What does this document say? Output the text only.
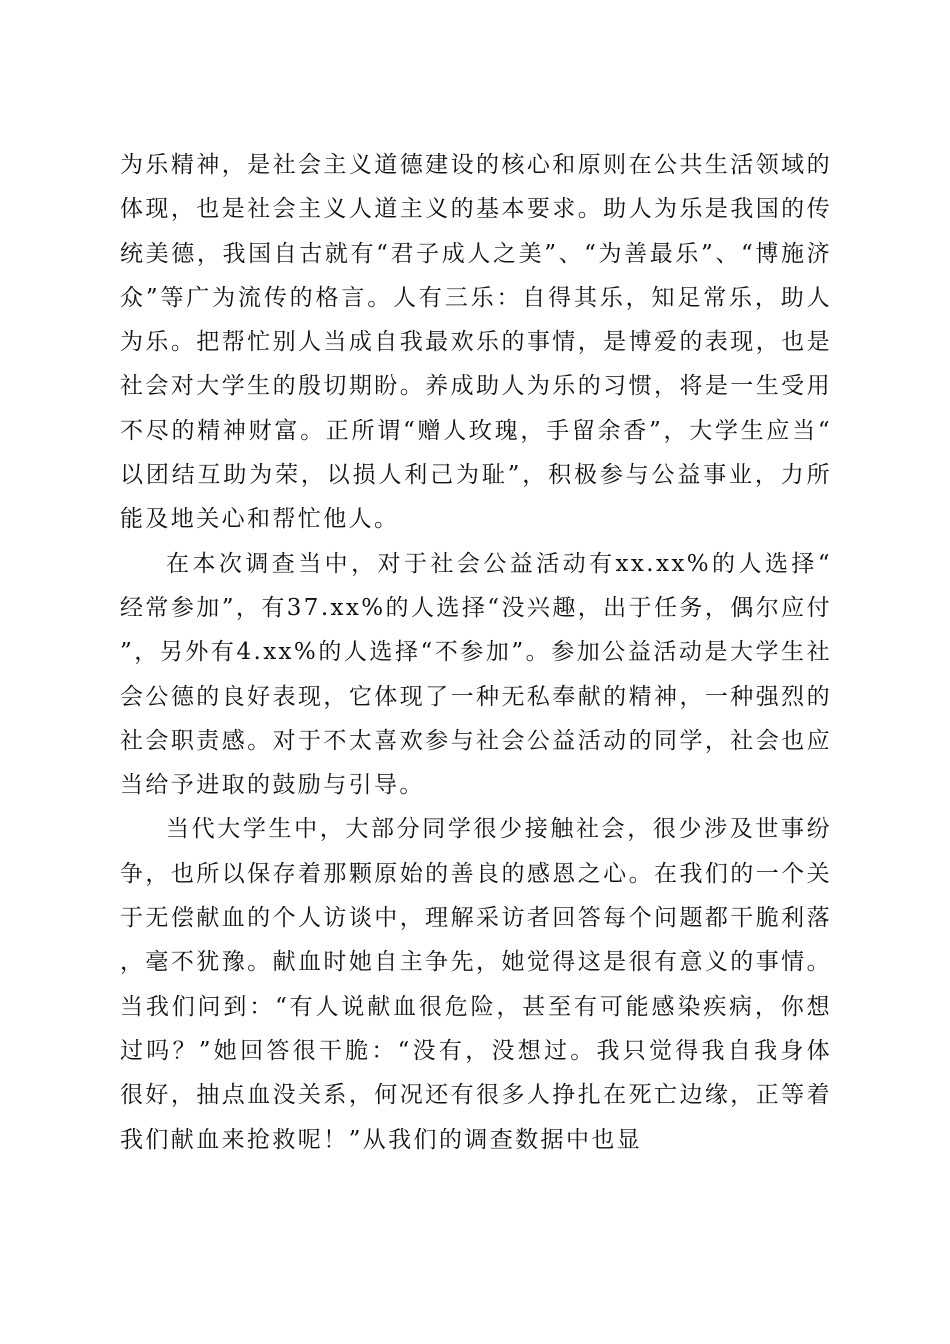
为乐精神，是社会主义道德建设的核心和原则在公共生活领域的体现，也是社会主义人道主义的基本要求。助人为乐是我国的传统美德，我国自古就有“君子成人之美”、“为善最乐”、“博施济众”等广为流传的格言。人有三乐：自得其乐，知足常乐，助人为乐。把帮忙别人当成自我最欢乐的事情，是博爱的表现，也是社会对大学生的殷切期盼。养成助人为乐的习惯，将是一生受用不尽的精神财富。正所谓“赠人玫瑰，手留余香”，大学生应当“以团结互助为荣，以损人利己为耻”，积极参与公益事业，力所能及地关心和帮忙他人。

在本次调查当中，对于社会公益活动有xx.xx%的人选择“经常参加”，有37.xx%的人选择“没兴趣，出于任务，偶尔应付”，另外有4.xx%的人选择“不参加”。参加公益活动是大学生社会公德的良好表现，它体现了一种无私奉献的精神，一种强烈的社会职责感。对于不太喜欢参与社会公益活动的同学，社会也应当给予进取的鼓励与引导。

当代大学生中，大部分同学很少接触社会，很少涉及世事纷争，也所以保存着那颗原始的善良的感恩之心。在我们的一个关于无偿献血的个人访谈中，理解采访者回答每个问题都干脆利落，毫不犹豫。献血时她自主争先，她觉得这是很有意义的事情。当我们问到：“有人说献血很危险，甚至有可能感染疾病，你想过吗？”她回答很干脆：“没有，没想过。我只觉得我自我身体很好，抽点血没关系，何况还有很多人挣扎在死亡边缘，正等着我们献血来抢救呢！”从我们的调查数据中也显
